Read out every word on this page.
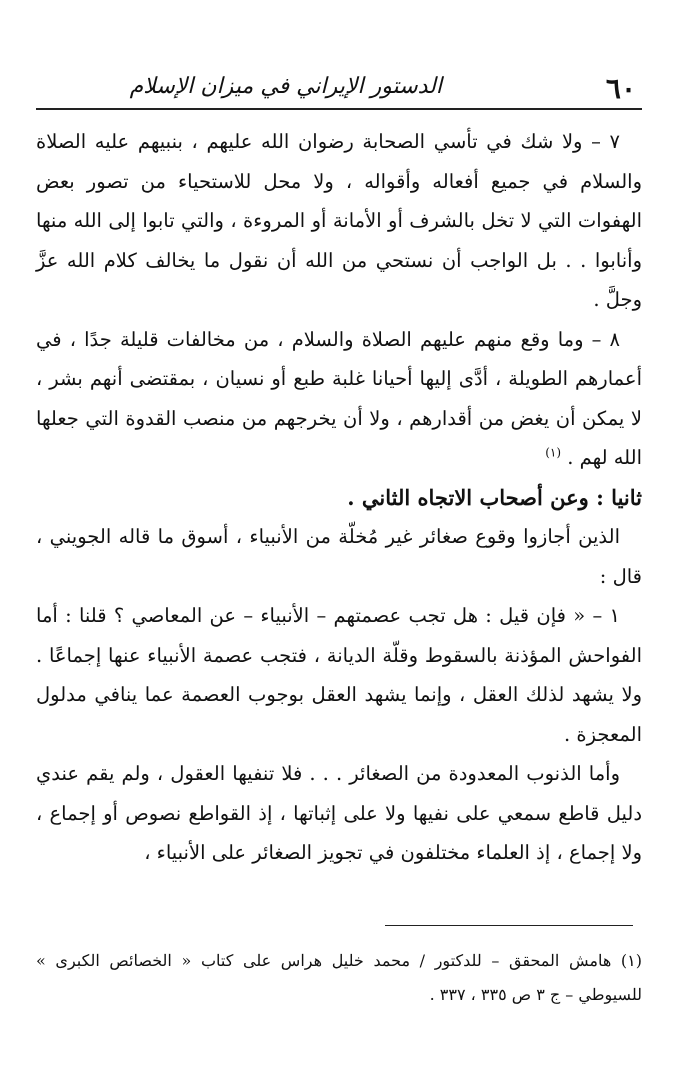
٦٠
الدستور الإيراني في ميزان الإسلام

٧ – ولا شك في تأسي الصحابة رضوان الله عليهم ، بنبيهم عليه الصلاة والسلام في جميع أفعاله وأقواله ، ولا محل للاستحياء من تصور بعض الهفوات التي لا تخل بالشرف أو الأمانة أو المروءة ، والتي تابوا إلى الله منها وأنابوا . . بل الواجب أن نستحي من الله أن نقول ما يخالف كلام الله عزَّ وجلَّ .

٨ – وما وقع منهم عليهم الصلاة والسلام ، من مخالفات قليلة جدًا ، في أعمارهم الطويلة ، أدَّى إليها أحيانا غلبة طبع أو نسيان ، بمقتضى أنهم بشر ، لا يمكن أن يغض من أقدارهم ، ولا أن يخرجهم من منصب القدوة التي جعلها الله لهم . $^{(١)}$

ثانيا : وعن أصحاب الاتجاه الثاني .

الذين أجازوا وقوع صغائر غير مُخلّة من الأنبياء ، أسوق ما قاله الجويني ، قال :

١ – « فإن قيل : هل تجب عصمتهم – الأنبياء – عن المعاصي ؟ قلنا : أما الفواحش المؤذنة بالسقوط وقلّة الديانة ، فتجب عصمة الأنبياء عنها إجماعًا . ولا يشهد لذلك العقل ، وإنما يشهد العقل بوجوب العصمة عما ينافي مدلول المعجزة .

وأما الذنوب المعدودة من الصغائر . . . فلا تنفيها العقول ، ولم يقم عندي دليل قاطع سمعي على نفيها ولا على إثباتها ، إذ القواطع نصوص أو إجماع ، ولا إجماع ، إذ العلماء مختلفون في تجويز الصغائر على الأنبياء ،

(١) هامش المحقق – للدكتور / محمد خليل هراس على كتاب « الخصائص الكبرى » للسيوطي – ج ٣ ص ٣٣٥ ، ٣٣٧ .
